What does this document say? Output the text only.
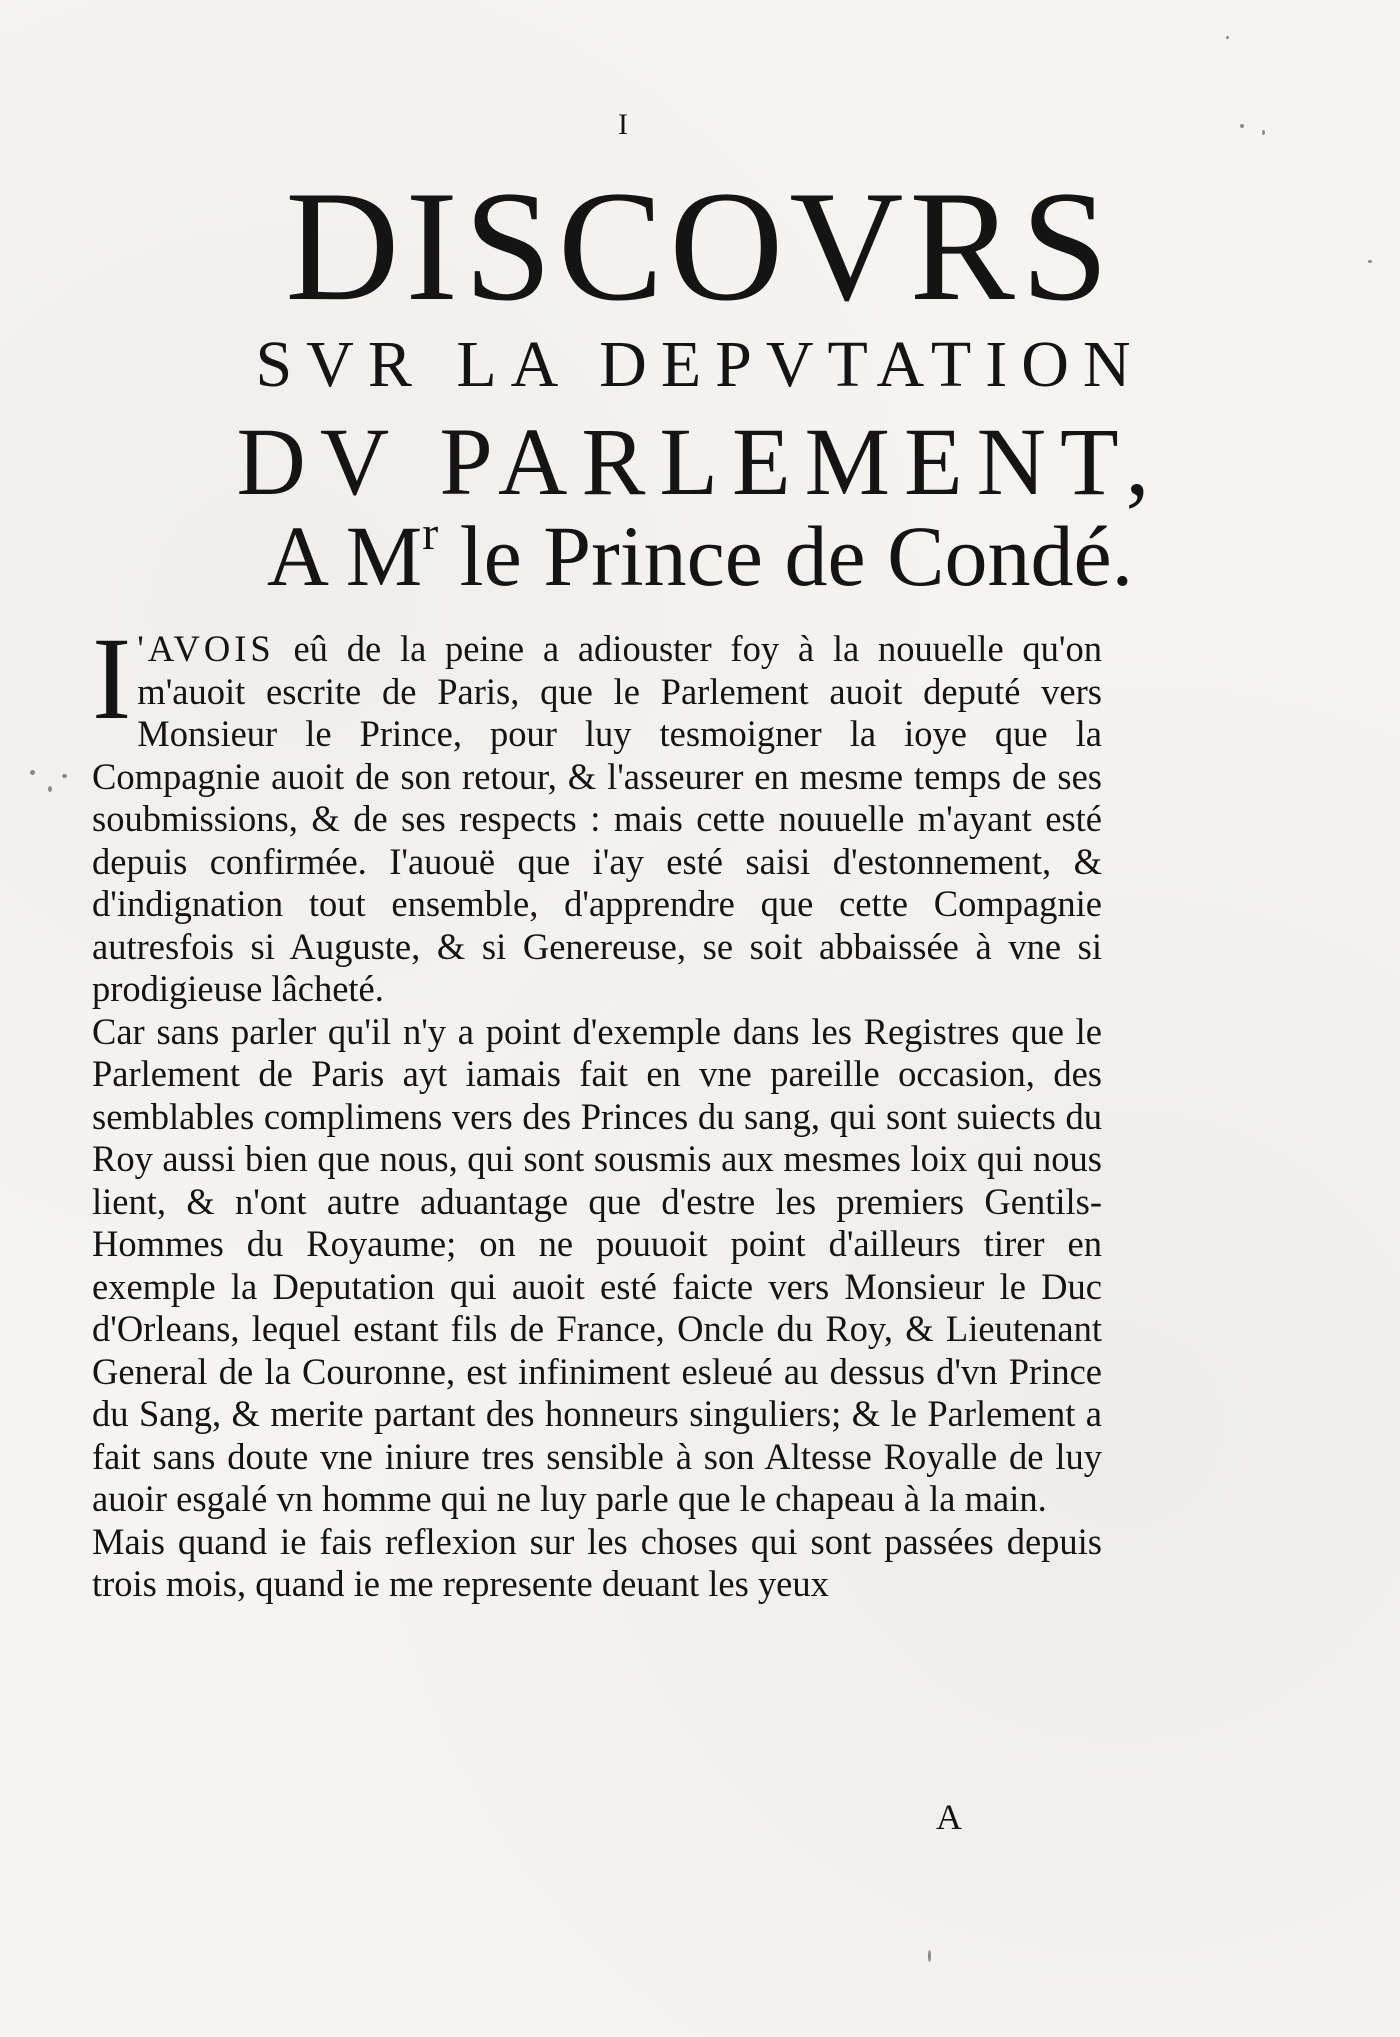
I
DISCOVRS
SVR LA DEPVTATION
DV PARLEMENT,
A $M^r$ le Prince de Condé.

I 'AVOIS eû de la peine a adiouster foy à la nouuelle qu'on m'auoit escrite de Paris, que le Parlement auoit deputé vers Monsieur le Prince, pour luy tesmoigner la ioye que la Compagnie auoit de son retour, & l'asseurer en mesme temps de ses soubmissions, & de ses respects : mais cette nouuelle m'ayant esté depuis confirmée. I'auouë que i'ay esté saisi d'estonnement, & d'indignation tout ensemble, d'apprendre que cette Compagnie autresfois si Auguste, & si Genereuse, se soit abbaissée à vne si prodigieuse lâcheté.

Car sans parler qu'il n'y a point d'exemple dans les Registres que le Parlement de Paris ayt iamais fait en vne pareille occasion, des semblables complimens vers des Princes du sang, qui sont suiects du Roy aussi bien que nous, qui sont sousmis aux mesmes loix qui nous lient, & n'ont autre aduantage que d'estre les premiers Gentils-Hommes du Royaume; on ne pouuoit point d'ailleurs tirer en exemple la Deputation qui auoit esté faicte vers Monsieur le Duc d'Orleans, lequel estant fils de France, Oncle du Roy, & Lieutenant General de la Couronne, est infiniment esleué au dessus d'vn Prince du Sang, & merite partant des honneurs singuliers; & le Parlement a fait sans doute vne iniure tres sensible à son Altesse Royalle de luy auoir esgalé vn homme qui ne luy parle que le chapeau à la main.

Mais quand ie fais reflexion sur les choses qui sont passées depuis trois mois, quand ie me represente deuant les yeux

A
